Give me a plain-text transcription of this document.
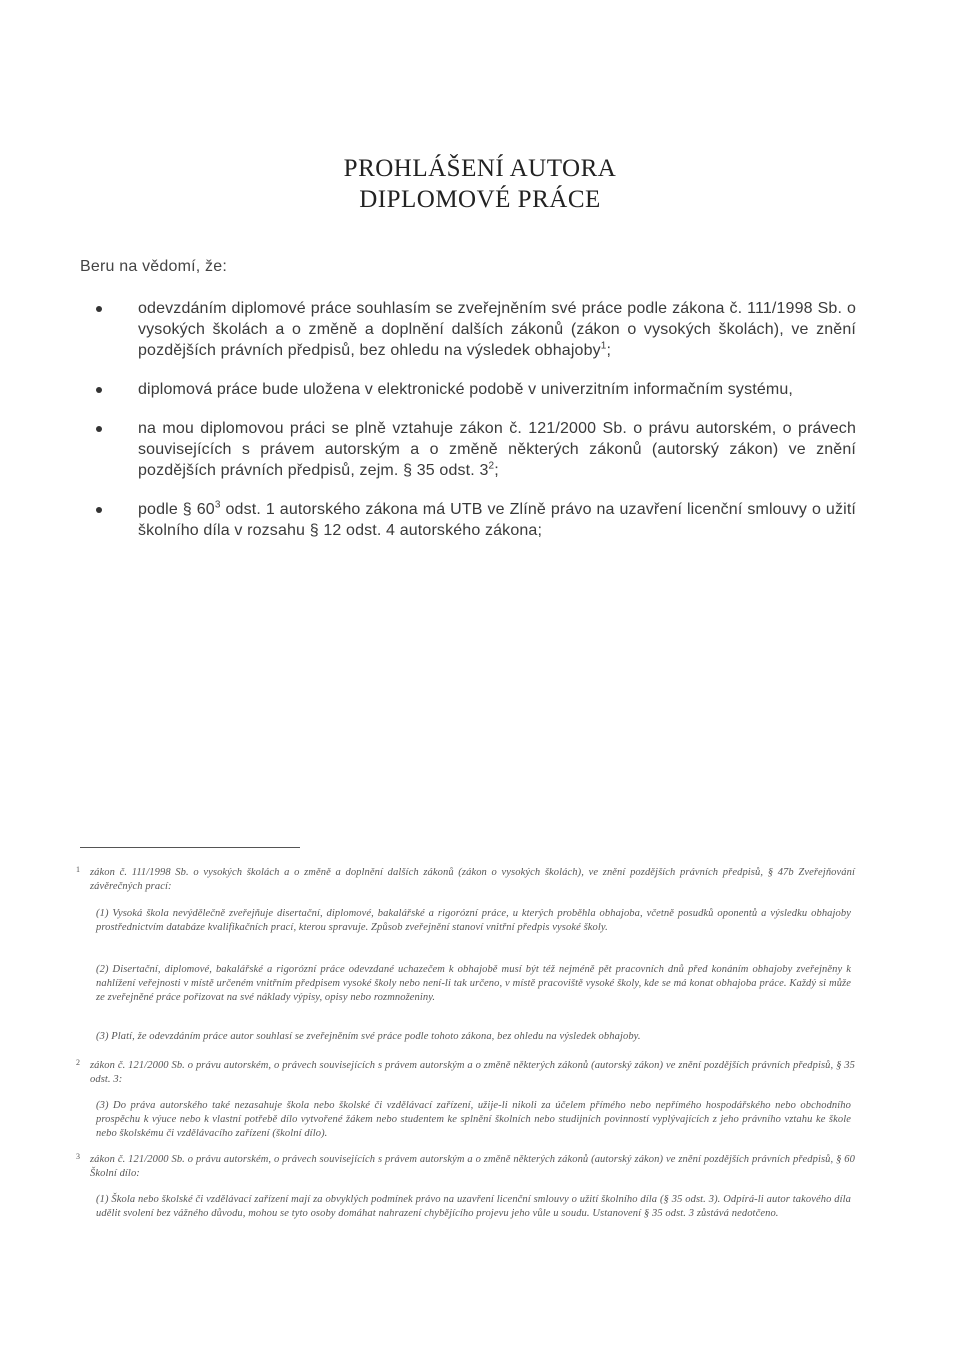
PROHLÁŠENÍ AUTORA
DIPLOMOVÉ PRÁCE
Beru na vědomí, že:
odevzdáním diplomové práce souhlasím se zveřejněním své práce podle zákona č. 111/1998 Sb. o vysokých školách a o změně a doplnění dalších zákonů (zákon o vysokých školách), ve znění pozdějších právních předpisů, bez ohledu na výsledek obhajoby$^1$;
diplomová práce bude uložena v elektronické podobě v univerzitním informačním systému,
na mou diplomovou práci se plně vztahuje zákon č. 121/2000 Sb. o právu autorském, o právech souvisejících s právem autorským a o změně některých zákonů (autorský zákon) ve znění pozdějších právních předpisů, zejm. § 35 odst. $3^2$;
podle § $60^3$ odst. 1 autorského zákona má UTB ve Zlíně právo na uzavření licenční smlouvy o užití školního díla v rozsahu § 12 odst. 4 autorského zákona;
1 zákon č. 111/1998 Sb. o vysokých školách a o změně a doplnění dalších zákonů (zákon o vysokých školách), ve znění pozdějších právních předpisů, § 47b Zveřejňování závěrečných prací:
(1) Vysoká škola nevýdělečně zveřejňuje disertační, diplomové, bakalářské a rigorózní práce, u kterých proběhla obhajoba, včetně posudků oponentů a výsledku obhajoby prostřednictvím databáze kvalifikačních prací, kterou spravuje. Způsob zveřejnění stanoví vnitřní předpis vysoké školy.
(2) Disertační, diplomové, bakalářské a rigorózní práce odevzdané uchazečem k obhajobě musí být též nejméně pět pracovních dnů před konáním obhajoby zveřejněny k nahlížení veřejnosti v místě určeném vnitřním předpisem vysoké školy nebo není-li tak určeno, v místě pracoviště vysoké školy, kde se má konat obhajoba práce. Každý si může ze zveřejněné práce pořizovat na své náklady výpisy, opisy nebo rozmnoženiny.
(3) Platí, že odevzdáním práce autor souhlasí se zveřejněním své práce podle tohoto zákona, bez ohledu na výsledek obhajoby.
2 zákon č. 121/2000 Sb. o právu autorském, o právech souvisejících s právem autorským a o změně některých zákonů (autorský zákon) ve znění pozdějších právních předpisů, § 35 odst. 3:
(3) Do práva autorského také nezasahuje škola nebo školské či vzdělávací zařízení, užije-li nikoli za účelem přímého nebo nepřímého hospodářského nebo obchodního prospěchu k výuce nebo k vlastní potřebě dílo vytvořené žákem nebo studentem ke splnění školních nebo studijních povinností vyplývajících z jeho právního vztahu ke škole nebo školskému či vzdělávacího zařízení (školní dílo).
3 zákon č. 121/2000 Sb. o právu autorském, o právech souvisejících s právem autorským a o změně některých zákonů (autorský zákon) ve znění pozdějších právních předpisů, § 60 Školní dílo:
(1) Škola nebo školské či vzdělávací zařízení mají za obvyklých podmínek právo na uzavření licenční smlouvy o užití školního díla (§ 35 odst. 3). Odpírá-li autor takového díla udělit svolení bez vážného důvodu, mohou se tyto osoby domáhat nahrazení chybějícího projevu jeho vůle u soudu. Ustanovení § 35 odst. 3 zůstává nedotčeno.
